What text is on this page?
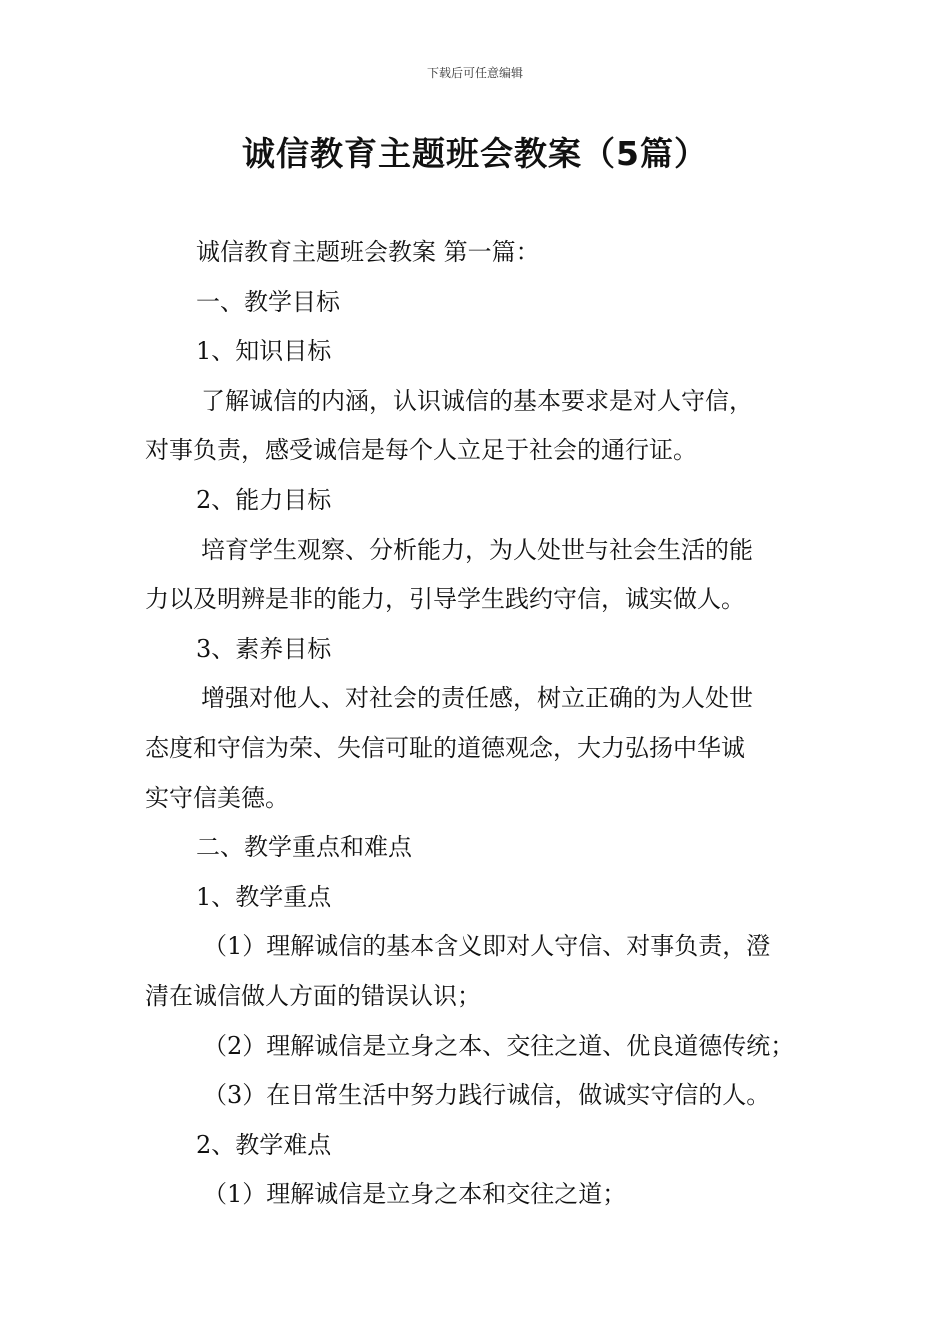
下载后可任意编辑
诚信教育主题班会教案（5篇）

诚信教育主题班会教案 第一篇：

一、教学目标

1、知识目标

了解诚信的内涵，认识诚信的基本要求是对人守信，

对事负责，感受诚信是每个人立足于社会的通行证。

2、能力目标

培育学生观察、分析能力，为人处世与社会生活的能

力以及明辨是非的能力，引导学生践约守信，诚实做人。

3、素养目标

增强对他人、对社会的责任感，树立正确的为人处世

态度和守信为荣、失信可耻的道德观念，大力弘扬中华诚

实守信美德。

二、教学重点和难点

1、教学重点

（1）理解诚信的基本含义即对人守信、对事负责，澄

清在诚信做人方面的错误认识；

（2）理解诚信是立身之本、交往之道、优良道德传统；

（3）在日常生活中努力践行诚信，做诚实守信的人。

2、教学难点

（1）理解诚信是立身之本和交往之道；
